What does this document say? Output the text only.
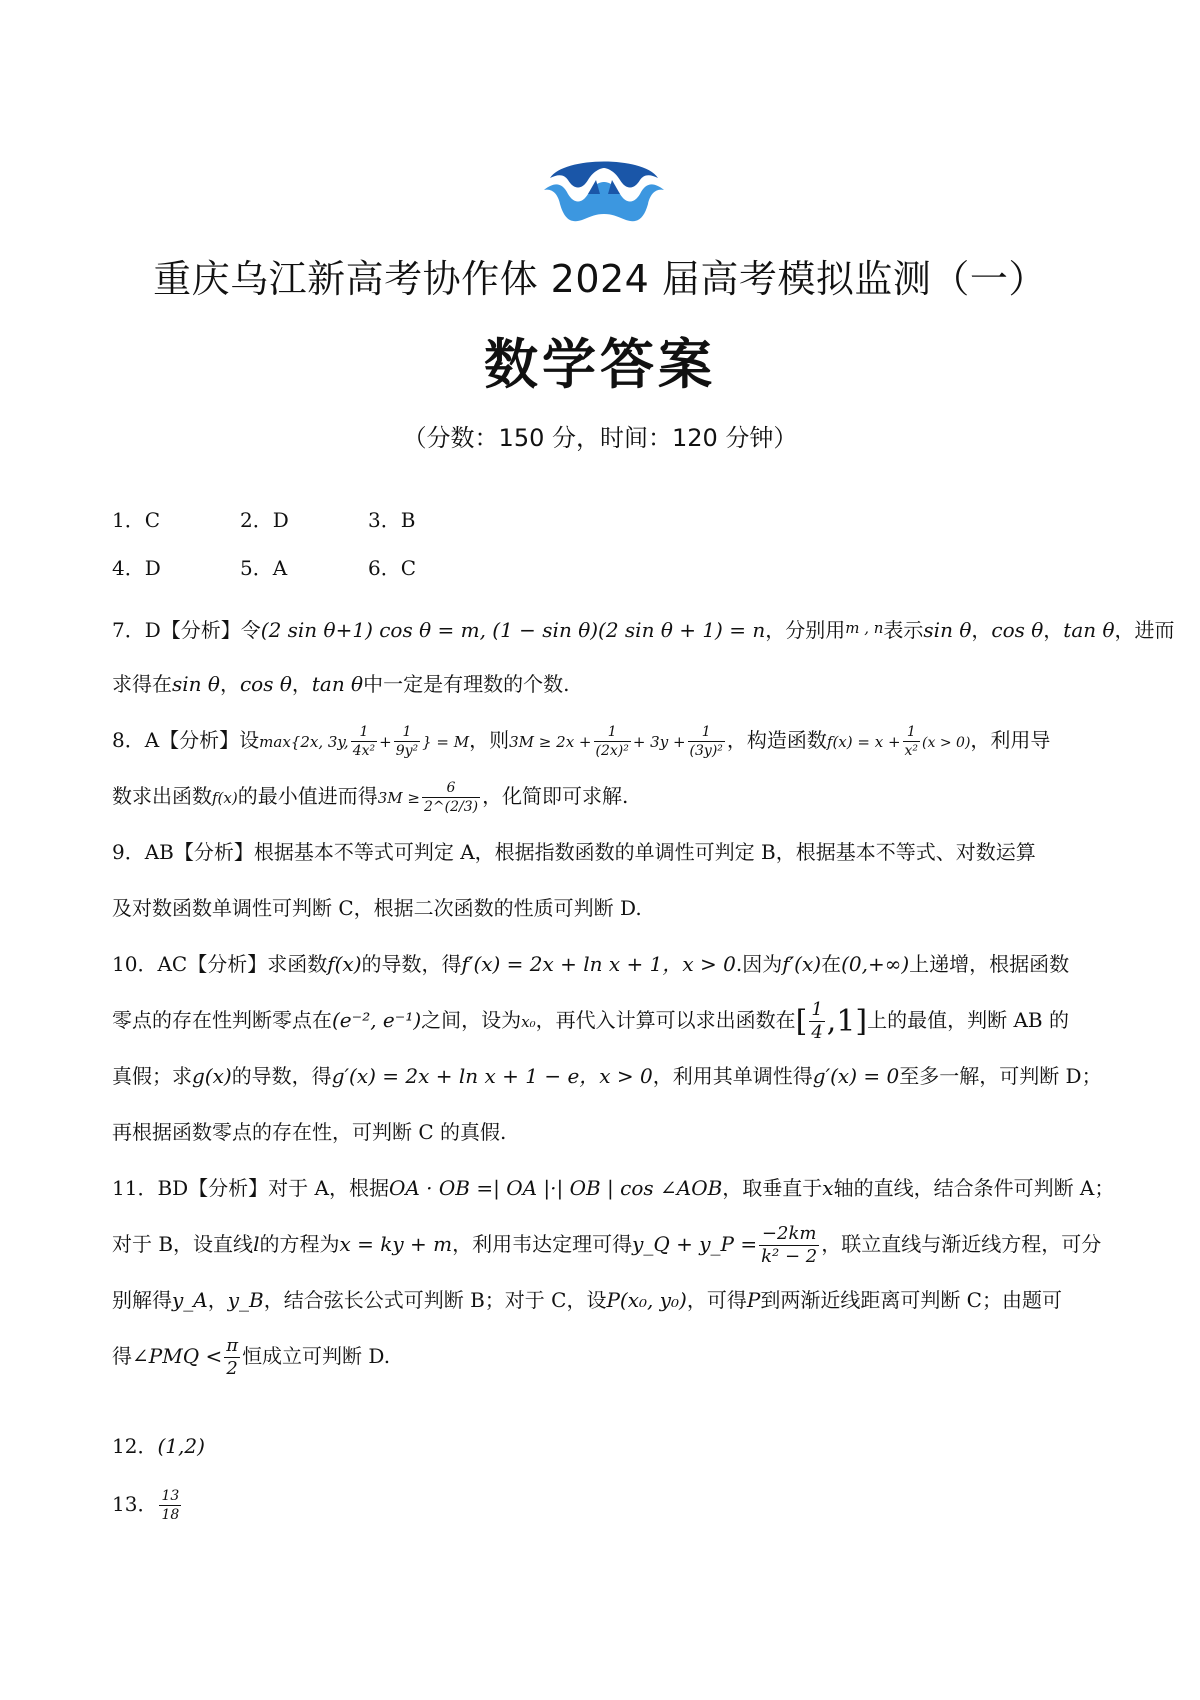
重庆乌江新高考协作体 2024 届高考模拟监测（一）
数学答案
（分数：150 分，时间：120 分钟）
1．C	2．D	3．B
4．D	5．A	6．C
7．D【分析】令(2 sin θ+1) cos θ = m, (1 − sin θ)(2 sin θ + 1) = n，分别用$^{m , n}$表示sin θ，cos θ，tan θ，进而
求得在sin θ，cos θ，tan θ中一定是有理数的个数.
8．A【分析】设max{2x, 3y, $\frac{1}{\text{4x²}} + \frac{1}{\text{9y²}}$ } = M，则$3M \ge 2x + \frac{1}{\text{(2x)²}} + 3y + \frac{1}{\text{(3y)²}}$ ，构造函数$f(x) = x + \frac{1}{\text{x²}} (x > 0)$，利用导
数求出函数f(x)的最小值进而得$3M \ge \frac{6}{2\^{}(2/3)}$ ，化简即可求解.
9．AB【分析】根据基本不等式可判定 A，根据指数函数的单调性可判定 B，根据基本不等式、对数运算
及对数函数单调性可判断 C，根据二次函数的性质可判断 D.
10．AC【分析】求函数f(x)的导数，得f′(x) = 2x + ln x + 1，x > 0.因为f′(x)在(0,+∞)上递增，根据函数
零点的存在性判断零点在(e⁻², e⁻¹)之间，设为x₀，再代入计算可以求出函数在[ $\frac{1}{4} ,1$]上的最值，判断 AB 的
真假；求g(x)的导数，得g′(x) = 2x + ln x + 1 − e，x > 0，利用其单调性得g′(x) = 0至多一解，可判断 D；
再根据函数零点的存在性，可判断 C 的真假.
11．BD【分析】对于 A，根据OA · OB =| OA |·| OB | cos ∠AOB，取垂直于x轴的直线，结合条件可判断 A；
对于 B，设直线l的方程为x = ky + m，利用韦达定理可得y_Q + y_P = $\frac{-2km}{\text{k² − 2}}$ ，联立直线与渐近线方程，可分
别解得y_A，y_B，结合弦长公式可判断 B；对于 C，设P(x₀, y₀)，可得P到两渐近线距离可判断 C；由题可
得∠PMQ < $\frac{\pi}{2}$ 恒成立可判断 D.
12．(1,2)
13． $\frac{13}{18}$
